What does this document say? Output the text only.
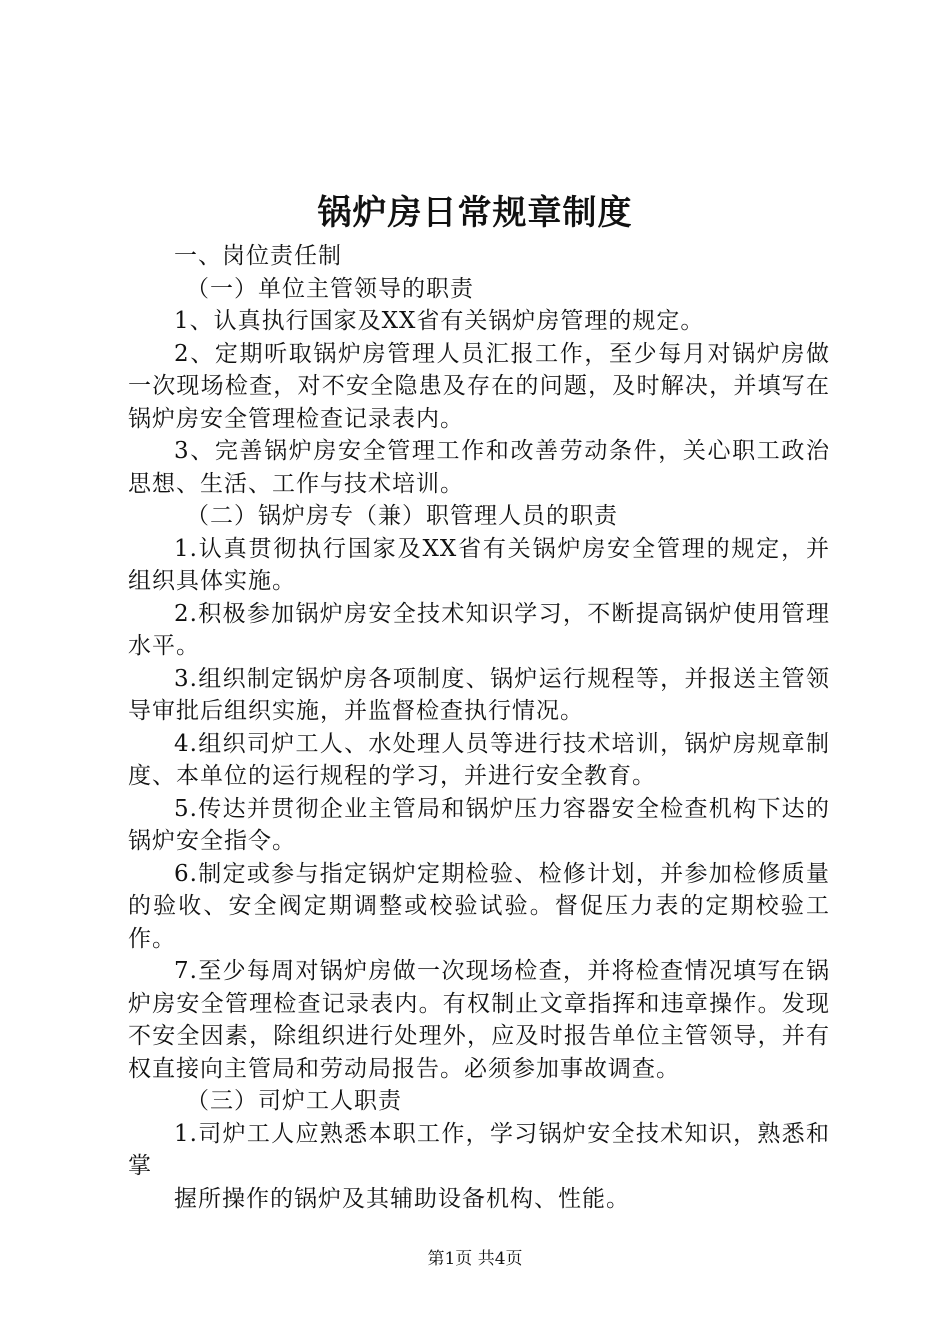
锅炉房日常规章制度

一、岗位责任制

（一）单位主管领导的职责

1、认真执行国家及XX省有关锅炉房管理的规定。

2、定期听取锅炉房管理人员汇报工作，至少每月对锅炉房做一次现场检查，对不安全隐患及存在的问题，及时解决，并填写在锅炉房安全管理检查记录表内。

3、完善锅炉房安全管理工作和改善劳动条件，关心职工政治思想、生活、工作与技术培训。

（二）锅炉房专（兼）职管理人员的职责

1.认真贯彻执行国家及XX省有关锅炉房安全管理的规定，并组织具体实施。

2.积极参加锅炉房安全技术知识学习，不断提高锅炉使用管理水平。

3.组织制定锅炉房各项制度、锅炉运行规程等，并报送主管领导审批后组织实施，并监督检查执行情况。

4.组织司炉工人、水处理人员等进行技术培训，锅炉房规章制度、本单位的运行规程的学习，并进行安全教育。

5.传达并贯彻企业主管局和锅炉压力容器安全检查机构下达的锅炉安全指令。

6.制定或参与指定锅炉定期检验、检修计划，并参加检修质量的验收、安全阀定期调整或校验试验。督促压力表的定期校验工作。

7.至少每周对锅炉房做一次现场检查，并将检查情况填写在锅炉房安全管理检查记录表内。有权制止文章指挥和违章操作。发现不安全因素，除组织进行处理外，应及时报告单位主管领导，并有权直接向主管局和劳动局报告。必须参加事故调查。

（三）司炉工人职责

1.司炉工人应熟悉本职工作，学习锅炉安全技术知识，熟悉和掌

握所操作的锅炉及其辅助设备机构、性能。

第1页 共4页
